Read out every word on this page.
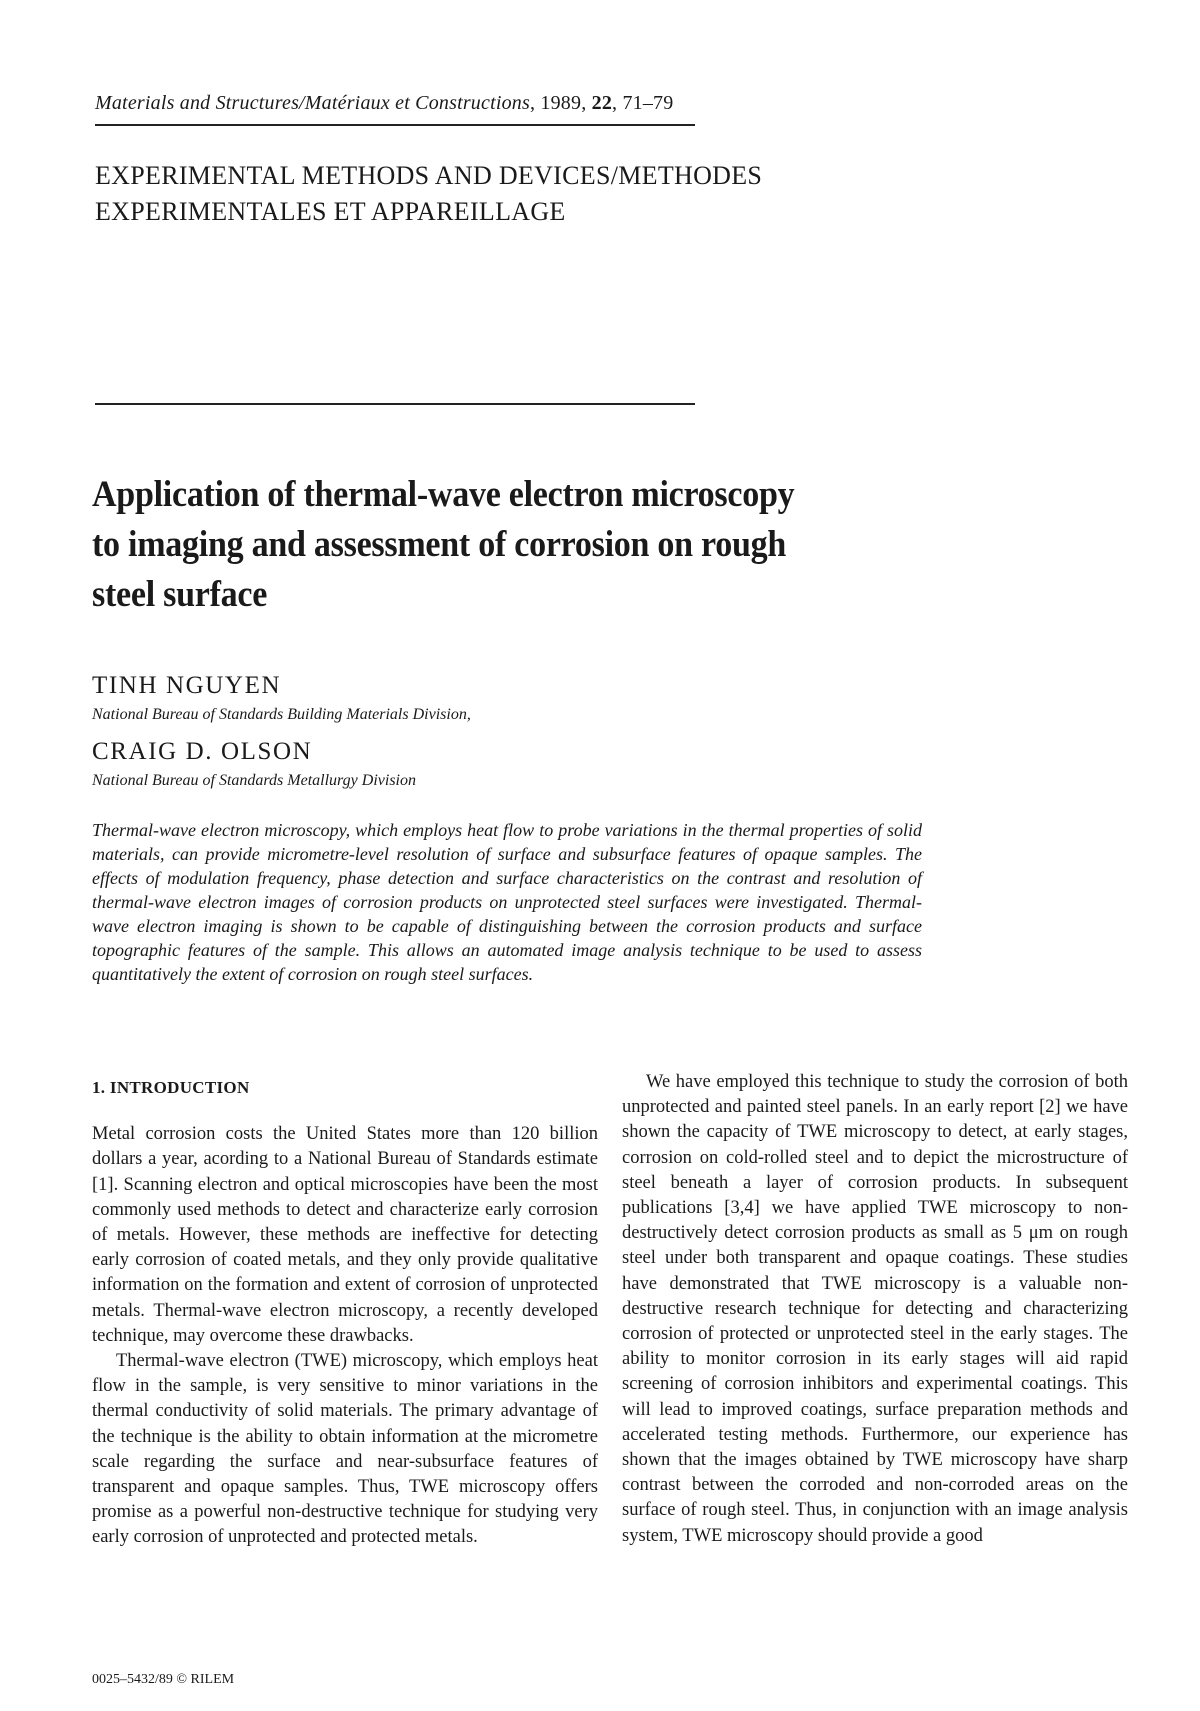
Materials and Structures/Matériaux et Constructions, 1989, 22, 71–79
EXPERIMENTAL METHODS AND DEVICES/METHODES
EXPERIMENTALES ET APPAREILLAGE
Application of thermal-wave electron microscopy to imaging and assessment of corrosion on rough steel surface
TINH NGUYEN
National Bureau of Standards Building Materials Division,
CRAIG D. OLSON
National Bureau of Standards Metallurgy Division
Thermal-wave electron microscopy, which employs heat flow to probe variations in the thermal properties of solid materials, can provide micrometre-level resolution of surface and subsurface features of opaque samples. The effects of modulation frequency, phase detection and surface characteristics on the contrast and resolution of thermal-wave electron images of corrosion products on unprotected steel surfaces were investigated. Thermal-wave electron imaging is shown to be capable of distinguishing between the corrosion products and surface topographic features of the sample. This allows an automated image analysis technique to be used to assess quantitatively the extent of corrosion on rough steel surfaces.

1. INTRODUCTION

Metal corrosion costs the United States more than 120 billion dollars a year, acording to a National Bureau of Standards estimate [1]. Scanning electron and optical microscopies have been the most commonly used methods to detect and characterize early corrosion of metals. However, these methods are ineffective for detecting early corrosion of coated metals, and they only provide qualitative information on the formation and extent of corrosion of unprotected metals. Thermal-wave electron microscopy, a recently developed technique, may overcome these drawbacks.

Thermal-wave electron (TWE) microscopy, which employs heat flow in the sample, is very sensitive to minor variations in the thermal conductivity of solid materials. The primary advantage of the technique is the ability to obtain information at the micrometre scale regarding the surface and near-subsurface features of transparent and opaque samples. Thus, TWE microscopy offers promise as a powerful non-destructive technique for studying very early corrosion of unprotected and protected metals.

We have employed this technique to study the corrosion of both unprotected and painted steel panels. In an early report [2] we have shown the capacity of TWE microscopy to detect, at early stages, corrosion on cold-rolled steel and to depict the microstructure of steel beneath a layer of corrosion products. In subsequent publications [3,4] we have applied TWE microscopy to non-destructively detect corrosion products as small as 5 μm on rough steel under both transparent and opaque coatings. These studies have demonstrated that TWE microscopy is a valuable non-destructive research technique for detecting and characterizing corrosion of protected or unprotected steel in the early stages. The ability to monitor corrosion in its early stages will aid rapid screening of corrosion inhibitors and experimental coatings. This will lead to improved coatings, surface preparation methods and accelerated testing methods. Furthermore, our experience has shown that the images obtained by TWE microscopy have sharp contrast between the corroded and non-corroded areas on the surface of rough steel. Thus, in conjunction with an image analysis system, TWE microscopy should provide a good

0025–5432/89 © RILEM
